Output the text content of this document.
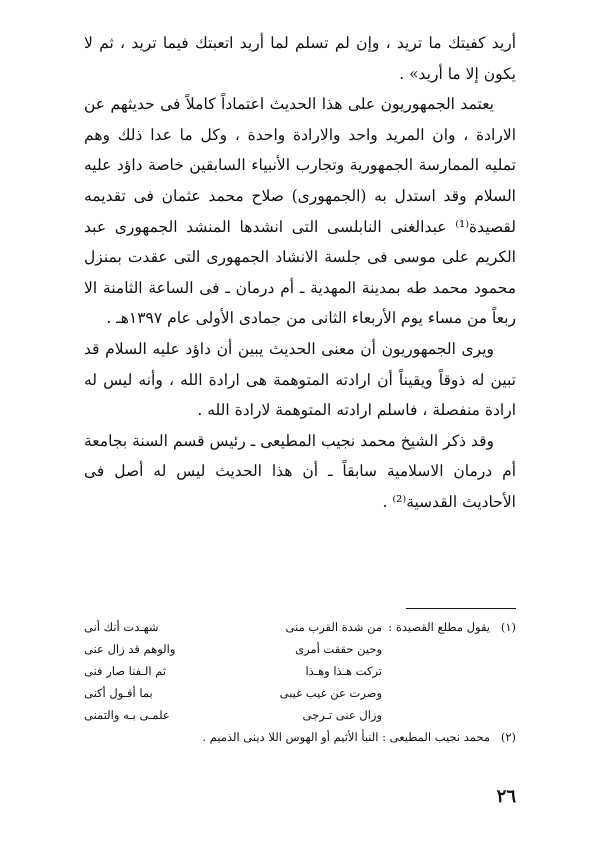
أريد كفيتك ما تريد ، وإن لم تسلم لما أريد اتعبتك فيما تريد ، ثم لا يكون إلا ما أريد» .

يعتمد الجمهوريون على هذا الحديث اعتماداً كاملاً فى حديثهم عن الارادة ، وان المريد واحد والارادة واحدة ، وكل ما عدا ذلك وهم تمليه الممارسة الجمهورية وتجارب الأنبياء السابقين خاصة داؤد عليه السلام وقد استدل به (الجمهورى) صلاح محمد عثمان فى تقديمه لقصيدة⁽¹⁾ عبدالغنى النابلسى التى انشدها المنشد الجمهورى عبد الكريم على موسى فى جلسة الانشاد الجمهورى التى عقدت بمنزل محمود محمد طه بمدينة المهدية ـ أم درمان ـ فى الساعة الثامنة الا ربعاً من مساء يوم الأربعاء الثانى من جمادى الأولى عام ١٣٩٧هـ .

ويرى الجمهوريون أن معنى الحديث يبين أن داؤد عليه السلام قد تبين له ذوقاً ويقيناً أن ارادته المتوهمة هى ارادة الله ، وأنه ليس له ارادة منفصلة ، فاسلم ارادته المتوهمة لارادة الله .

وقد ذكر الشيخ محمد نجيب المطيعى ـ رئيس قسم السنة بجامعة أم درمان الاسلامية سابقاً ـ أن هذا الحديث ليس له أصل فى الأحاديث القدسية⁽²⁾ .

(١)
يقول مطلع القصيدة :
من شدة القرب منى
شهـدت أنك أنى
وحين حققت أمرى
والوهم قد زال عنى
تركت هـذا وهـذا
ثم الـفنا صار فنى
وصرت عن غيب غيبى
بما أقـول أكنى
وزال عنى تـرجى
علمـى بـه والتمنى
(٢)
محمد نجيب المطيعى : النبأ الأثيم أو الهوس اللا دينى الذميم .
٢٦
